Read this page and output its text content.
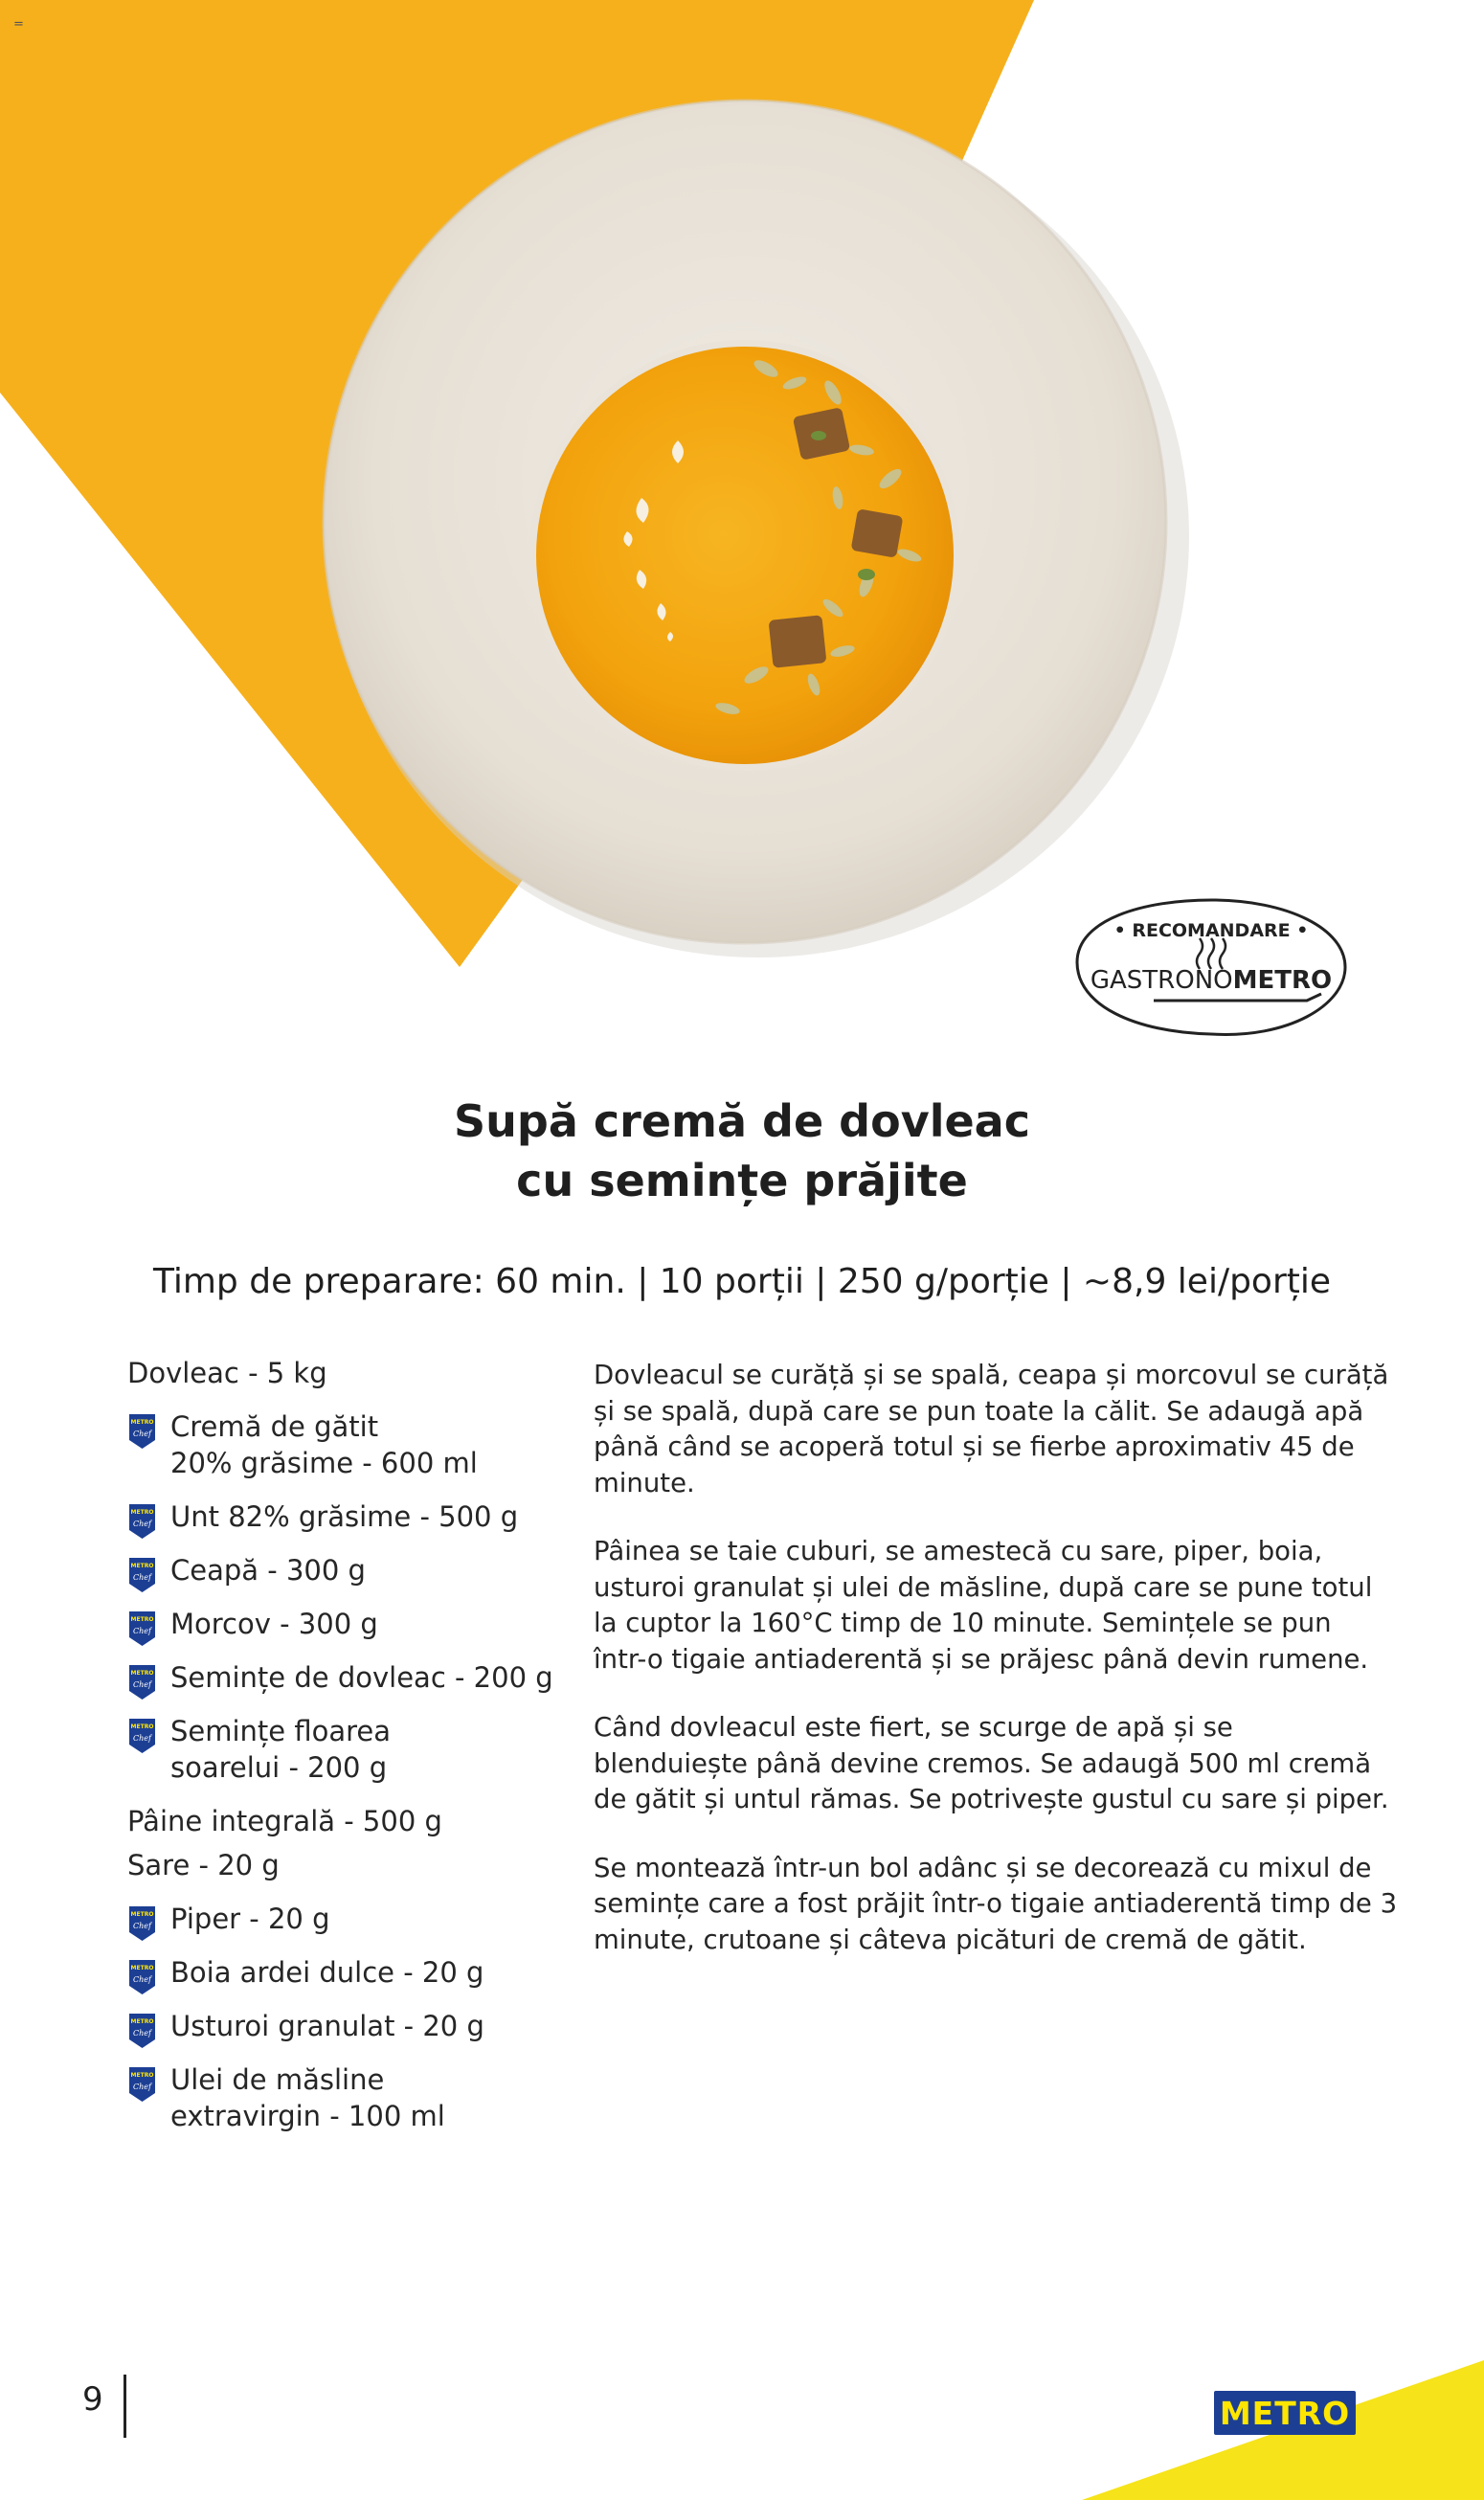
=
• RECOMANDARE •
GASTRONOMETRO
Supă cremă de dovleac
cu semințe prăjite
Timp de preparare: 60 min. | 10 porții | 250 g/porție | ~8,9 lei/porție
Dovleac - 5 kg
METRO
Chef Cremă de gătit
20% grăsime - 600 ml
METRO
Chef Unt 82% grăsime - 500 g
METRO
Chef Ceapă - 300 g
METRO
Chef Morcov - 300 g
METRO
Chef Semințe de dovleac - 200 g
METRO
Chef Semințe floarea
soarelui - 200 g
Pâine integrală - 500 g
Sare - 20 g
METRO
Chef Piper - 20 g
METRO
Chef Boia ardei dulce - 20 g
METRO
Chef Usturoi granulat - 20 g
METRO
Chef Ulei de măsline
extravirgin - 100 ml

Dovleacul se curăță și se spală, ceapa și morcovul se curăță
și se spală, după care se pun toate la călit. Se adaugă apă
până când se acoperă totul și se fierbe aproximativ 45 de
minute.

Pâinea se taie cuburi, se amestecă cu sare, piper, boia,
usturoi granulat și ulei de măsline, după care se pune totul
la cuptor la 160°C timp de 10 minute. Semințele se pun
într-o tigaie antiaderentă și se prăjesc până devin rumene.

Când dovleacul este fiert, se scurge de apă și se
blenduiește până devine cremos. Se adaugă 500 ml cremă
de gătit și untul rămas. Se potrivește gustul cu sare și piper.

Se montează într-un bol adânc și se decorează cu mixul de
semințe care a fost prăjit într-o tigaie antiaderentă timp de 3
minute, crutoane și câteva picături de cremă de gătit.

9	METRO
